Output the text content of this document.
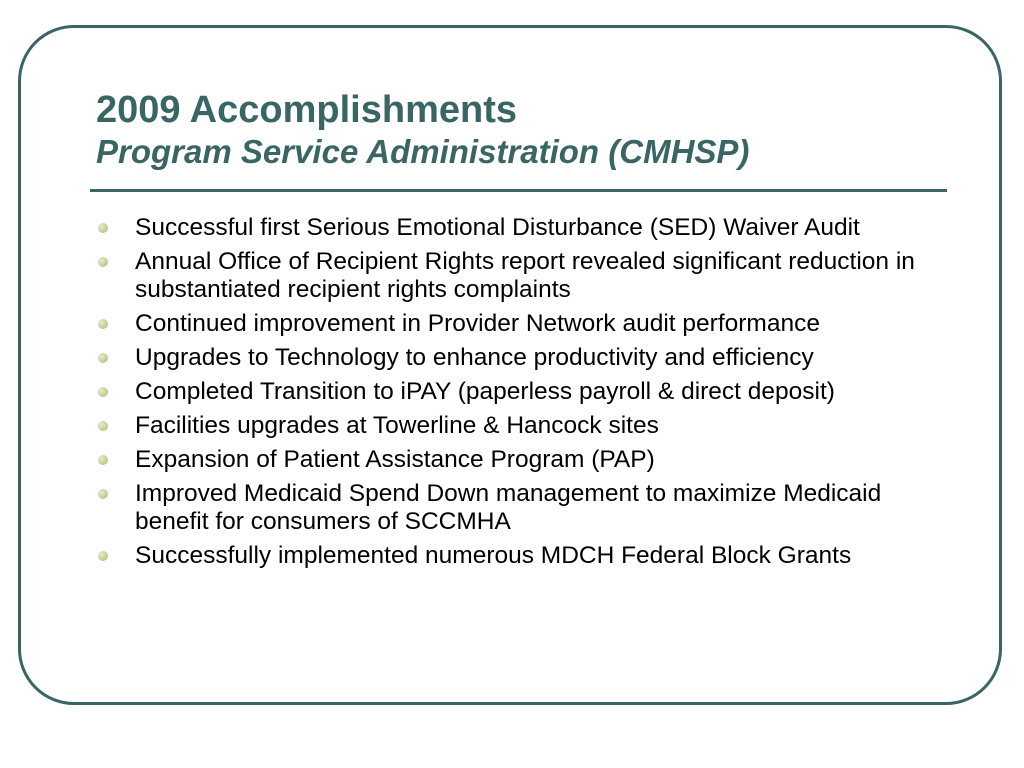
2009 Accomplishments

Program Service Administration (CMHSP)

Successful first Serious Emotional Disturbance (SED) Waiver Audit
Annual Office of Recipient Rights report revealed significant reduction in substantiated recipient rights complaints
Continued improvement in Provider Network audit performance
Upgrades to Technology to enhance productivity and efficiency
Completed Transition to iPAY (paperless payroll & direct deposit)
Facilities upgrades at Towerline & Hancock sites
Expansion of Patient Assistance Program (PAP)
Improved Medicaid Spend Down management to maximize Medicaid benefit for consumers of SCCMHA
Successfully implemented numerous MDCH Federal Block Grants
